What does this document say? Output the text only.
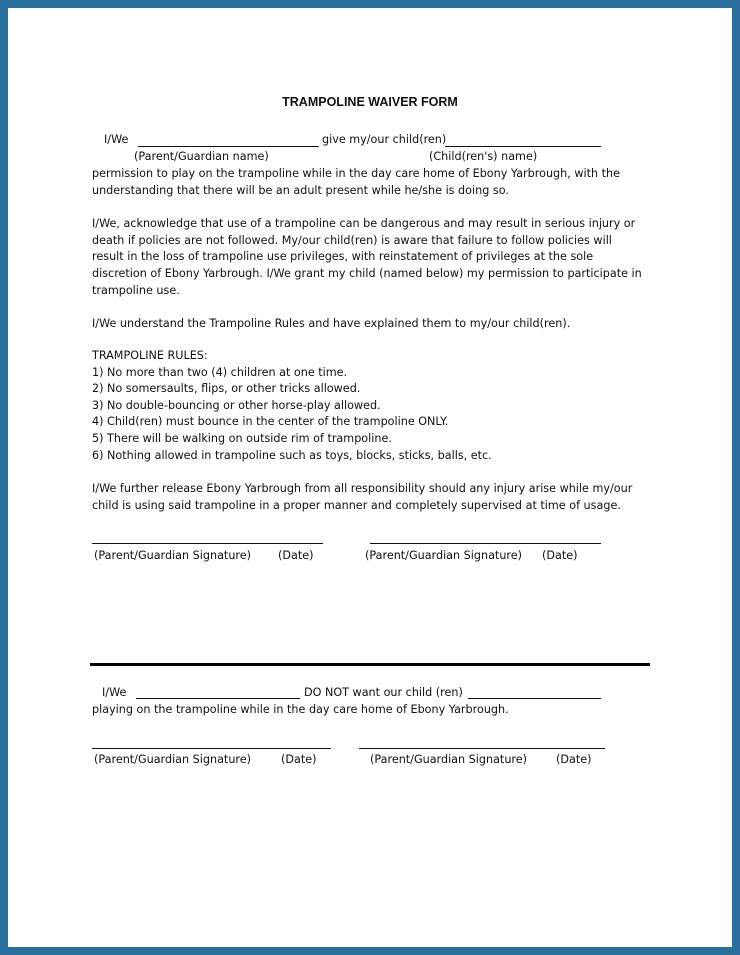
TRAMPOLINE WAIVER FORM
I/We	give my/our child(ren)
(Parent/Guardian name)	(Child(ren's) name)
permission to play on the trampoline while in the day care home of Ebony Yarbrough, with the
understanding that there will be an adult present while he/she is doing so.
I/We, acknowledge that use of a trampoline can be dangerous and may result in serious injury or
death if policies are not followed. My/our child(ren) is aware that failure to follow policies will
result in the loss of trampoline use privileges, with reinstatement of privileges at the sole
discretion of Ebony Yarbrough. I/We grant my child (named below) my permission to participate in
trampoline use.
I/We understand the Trampoline Rules and have explained them to my/our child(ren).
TRAMPOLINE RULES:
1) No more than two (4) children at one time.
2) No somersaults, flips, or other tricks allowed.
3) No double-bouncing or other horse-play allowed.
4) Child(ren) must bounce in the center of the trampoline ONLY.
5) There will be walking on outside rim of trampoline.
6) Nothing allowed in trampoline such as toys, blocks, sticks, balls, etc.
I/We further release Ebony Yarbrough from all responsibility should any injury arise while my/our
child is using said trampoline in a proper manner and completely supervised at time of usage.
(Parent/Guardian Signature) (Date)	(Parent/Guardian Signature) (Date)
I/We	DO NOT want our child (ren)
playing on the trampoline while in the day care home of Ebony Yarbrough.
(Parent/Guardian Signature)	(Date)	(Parent/Guardian Signature)	(Date)
